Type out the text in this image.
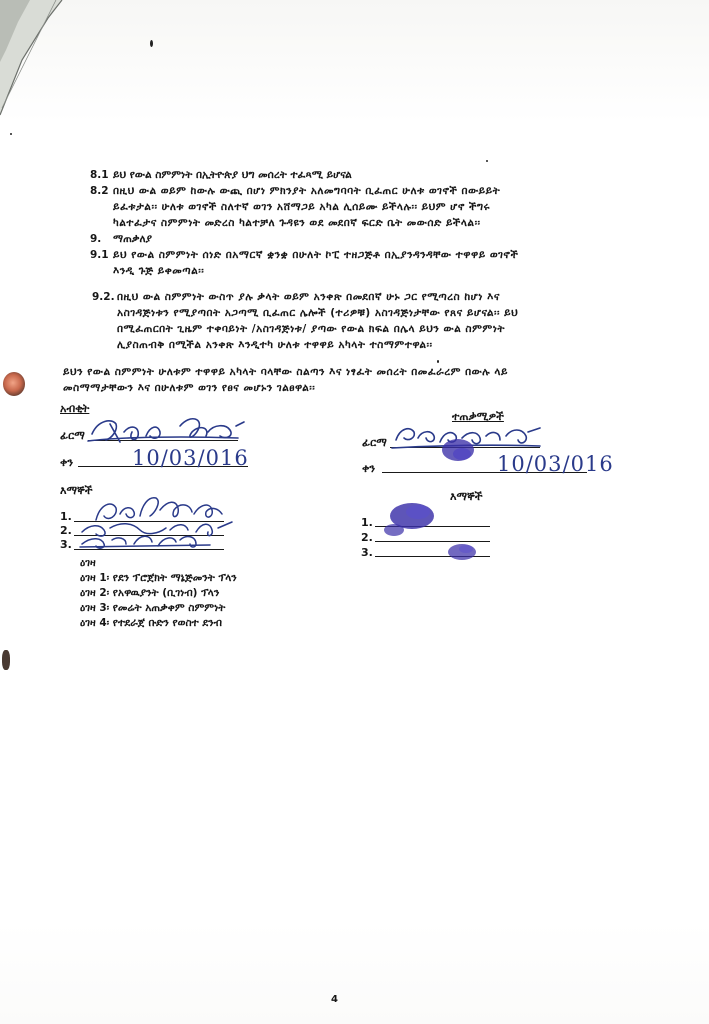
8.1 ይህ የውል ስምምነት በኢትዮጵያ ህግ መሰረት ተፈጻሚ ይሆናል
8.2 በዚህ ውል ወይም ከውሉ ውጪ በሆነ ምክንያት አለመግባባት ቢፈጠር ሁለቱ ወገኖች በውይይት
ይፈቱታል፡፡ ሁለቱ ወገኖች ስለተኛ ወገን አሸማጋይ አካል ሊሰይሙ ይችላሉ፡፡ ይህም ሆኖ ችግሩ
ካልተፈታና ስምምነት መድረስ ካልተቻለ ጉዳዩን ወደ መደበኛ ፍርድ ቤት መውሰድ ይችላል፡፡
9. ማጠቃለያ
9.1 ይህ የውል ስምምነት ሰነድ በአማርኛ ቋንቋ በሁለት ኮፒ ተዘጋጅቶ በኢያንዳንዳቸው ተዋዋይ ወገኖች
እንዲ ጉጅ ይቀመጣል፡፡
9.2. በዚህ ውል ስምምነት ውስጥ ያሉ ቃላት ወይም አንቀጽ በመደበኛ ሁኑ ጋር የሚጣረስ ከሆነ እና
አስገዳጅነቱን የሚያጣበት አጋጣሚ ቢፈጠር ሌሎች (ተሪዎቹ) አስገዳጅነታቸው የጸና ይሆናል፡፡ ይህ
በሚፈጠርበት ጊዜም ተቀባይነት /አስገዳጅነቱ/ ያጣው የውል ክፍል በሌላ ይህን ውል ስምምነት
ሊያስጠብቅ በሚችል አንቀጽ እንዲተካ ሁለቱ ተዋዋይ አካላት ተስማምተዋል፡፡
ይህን የውል ስምምነት ሁለቱም ተዋዋይ አካላት ባላቸው ስልጣን እና ነፃፈት መሰረት በመፈራረም በውሉ ላይ
መስማማታቸውን እና በሁለቱም ወገን የፀና መሆኑን ገልፀዋል፡፡
አብቂት
ፊርማ
ቀን	10/03/016
እማኞች
1.
2.
3.
ዕገዛ
ዕገዛ 1፡ የደን ፕሮጀክት ማኔጅመንት ፕላን
ዕገዛ 2፡ የአዋዉያንት (ቢገነብ) ፕላን
ዕገዛ 3፡ የመሬት አጠቃቀም ስምምነት
ዕገዛ 4፡ የተደራጀ ቡድን የወስተ ደንብ
ተጠቃሚዎች
ፊርማ
ቀን	10/03/016
እማኞች
1.
2.
3.
4
